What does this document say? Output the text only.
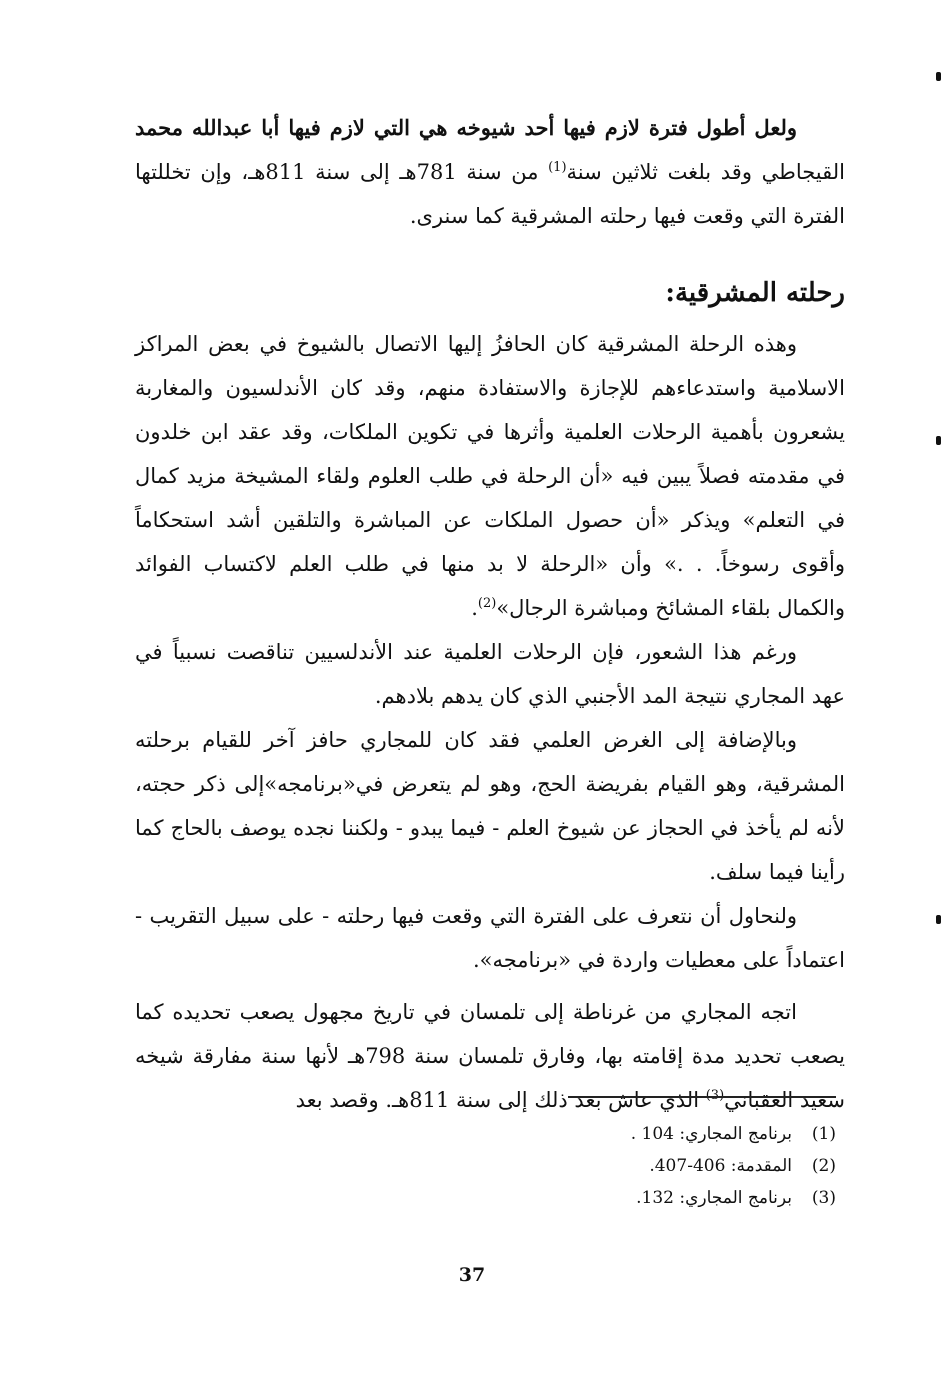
ولعل أطول فترة لازم فيها أحد شيوخه هي التي لازم فيها أبا عبدالله محمد القيجاطي وقد بلغت ثلاثين سنة$^{(1)}$ من سنة 781هـ إلى سنة 811هـ، وإن تخللتها الفترة التي وقعت فيها رحلته المشرقية كما سنرى.

رحلته المشرقية:

وهذه الرحلة المشرقية كان الحافزُ إليها الاتصال بالشيوخ في بعض المراكز الاسلامية واستدعاءهم للإجازة والاستفادة منهم، وقد كان الأندلسيون والمغاربة يشعرون بأهمية الرحلات العلمية وأثرها في تكوين الملكات، وقد عقد ابن خلدون في مقدمته فصلاً يبين فيه «أن الرحلة في طلب العلوم ولقاء المشيخة مزيد كمال في التعلم» ويذكر «أن حصول الملكات عن المباشرة والتلقين أشد استحكاماً وأقوى رسوخاً. . .» وأن «الرحلة لا بد منها في طلب العلم لاكتساب الفوائد والكمال بلقاء المشائخ ومباشرة الرجال»$^{(2)}$.

ورغم هذا الشعور، فإن الرحلات العلمية عند الأندلسيين تناقصت نسبياً في عهد المجاري نتيجة المد الأجنبي الذي كان يدهم بلادهم.

وبالإضافة إلى الغرض العلمي فقد كان للمجاري حافز آخر للقيام برحلته المشرقية، وهو القيام بفريضة الحج، وهو لم يتعرض في«برنامجه»إلى ذكر حجته، لأنه لم يأخذ في الحجاز عن شيوخ العلم - فيما يبدو - ولكننا نجده يوصف بالحاج كما رأينا فيما سلف.

ولنحاول أن نتعرف على الفترة التي وقعت فيها رحلته - على سبيل التقريب - اعتماداً على معطيات واردة في «برنامجه».

اتجه المجاري من غرناطة إلى تلمسان في تاريخ مجهول يصعب تحديده كما يصعب تحديد مدة إقامته بها، وفارق تلمسان سنة 798هـ لأنها سنة مفارقة شيخه سعيد العقباني$^{(3)}$ الذي عاش بعد ذلك إلى سنة 811هـ. وقصد بعد

(1)
برنامج المجاري: 104 .
(2)
المقدمة: 406-407.
(3)
برنامج المجاري: 132.
37
